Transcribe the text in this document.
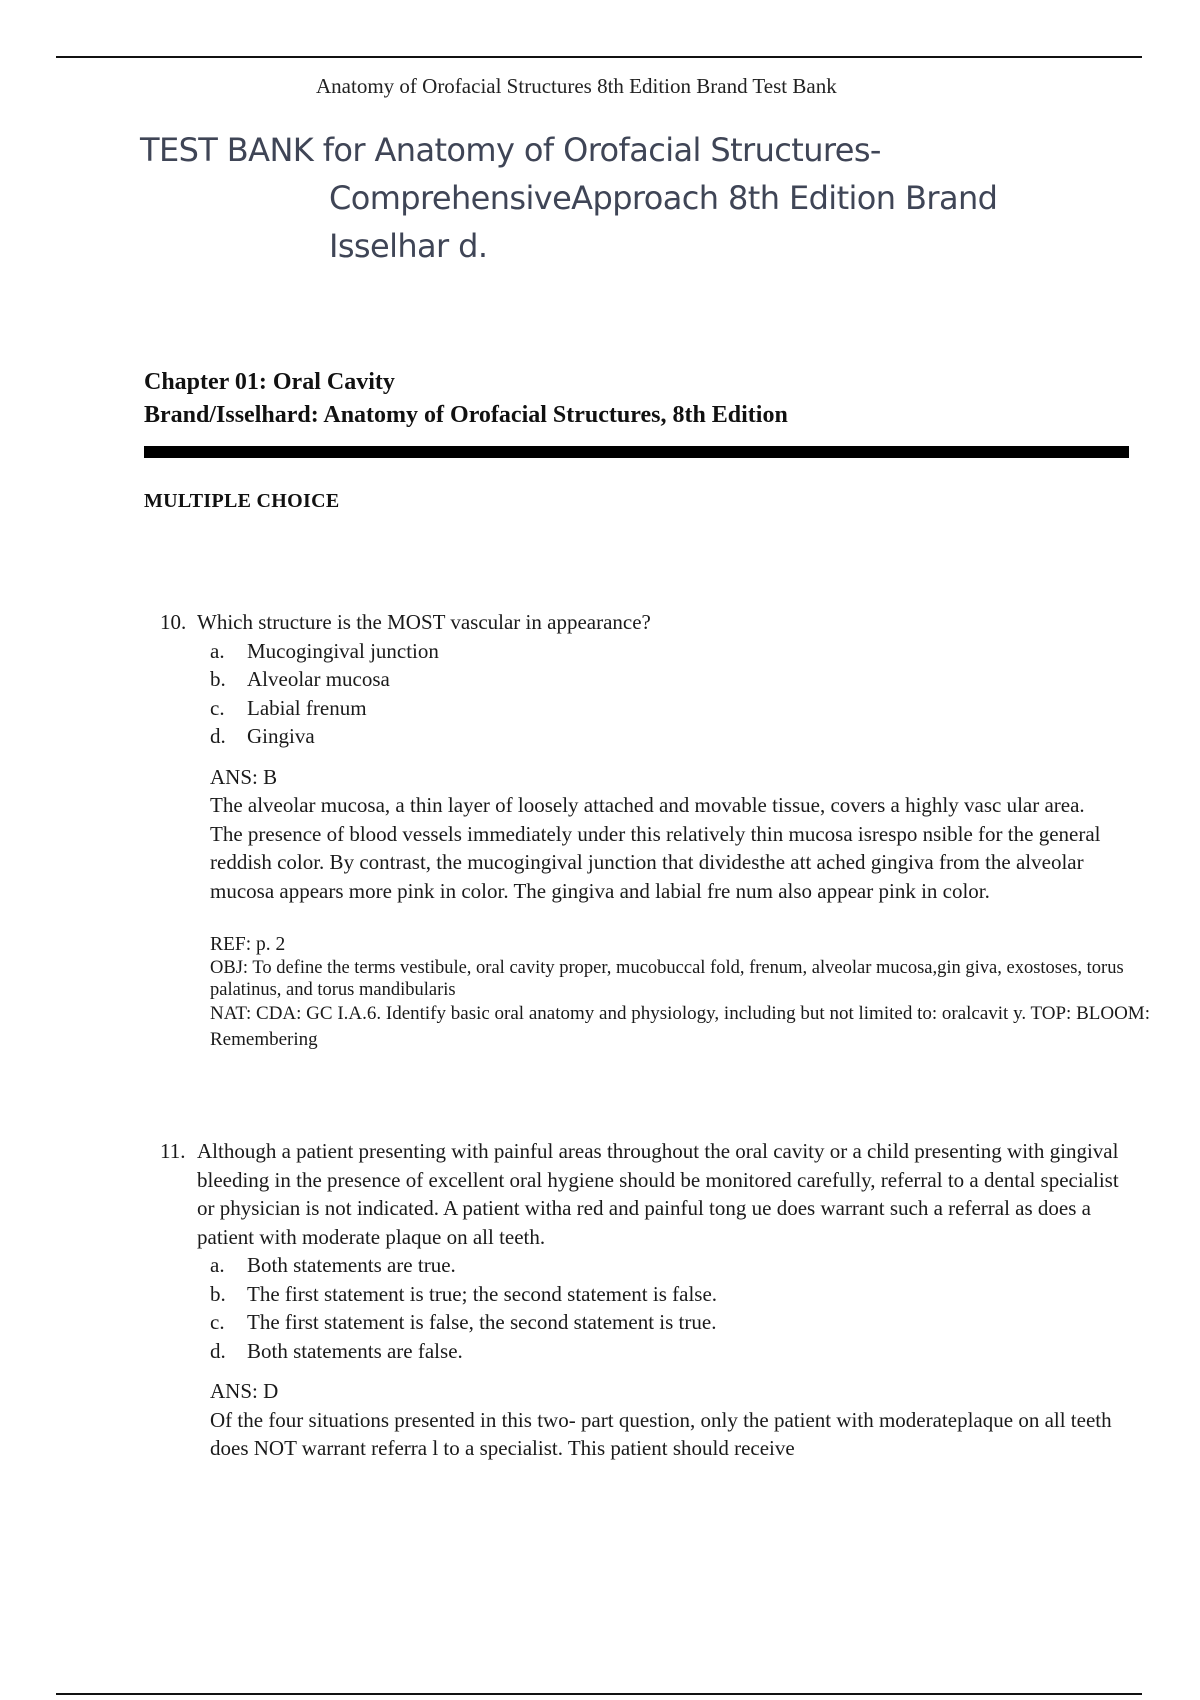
Anatomy of Orofacial Structures 8th Edition Brand Test Bank
TEST BANK for Anatomy of Orofacial Structures-
ComprehensiveApproach 8th Edition Brand Isselhar d.
Chapter 01: Oral Cavity
Brand/Isselhard: Anatomy of Orofacial Structures, 8th Edition
MULTIPLE CHOICE
10. Which structure is the MOST vascular in appearance?
a.	Mucogingival junction
b.	Alveolar mucosa
c.	Labial frenum
d.	Gingiva
ANS: B
The alveolar mucosa, a thin layer of loosely attached and movable tissue, covers a highly vasc ular area. The presence of blood vessels immediately under this relatively thin mucosa isrespo nsible for the general reddish color. By contrast, the mucogingival junction that dividesthe att ached gingiva from the alveolar mucosa appears more pink in color. The gingiva and labial fre num also appear pink in color.
REF: p. 2
OBJ: To define the terms vestibule, oral cavity proper, mucobuccal fold, frenum, alveolar mucosa,gin giva, exostoses, torus palatinus, and torus mandibularis
NAT: CDA: GC I.A.6. Identify basic oral anatomy and physiology, including but not limited to: oralcavit y. TOP: BLOOM: Remembering
11. Although a patient presenting with painful areas throughout the oral cavity or a child presenting with gingival bleeding in the presence of excellent oral hygiene should be monitored carefully, referral to a dental specialist or physician is not indicated. A patient witha red and painful tong ue does warrant such a referral as does a patient with moderate plaque on all teeth.
a.	Both statements are true.
b.	The first statement is true; the second statement is false.
c.	The first statement is false, the second statement is true.
d.	Both statements are false.
ANS: D
Of the four situations presented in this two- part question, only the patient with moderateplaque on all teeth does NOT warrant referra l to a specialist. This patient should receive
